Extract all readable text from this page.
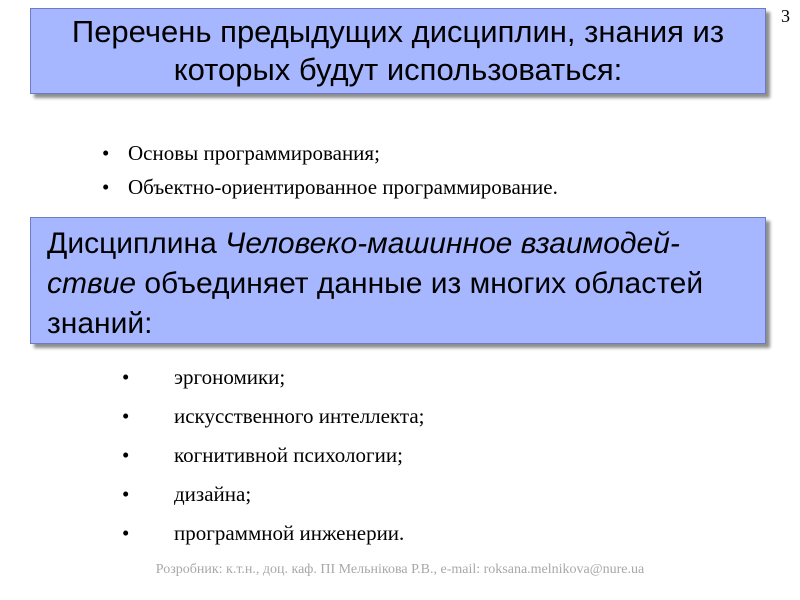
3
Перечень предыдущих дисциплин, знания из
которых будут использоваться:
• Основы программирования;
• Объектно-ориентированное программирование.
Дисциплина Человеко-машинное взаимодей-
ствие объединяет данные из многих областей
знаний:
• эргономики;
• искусственного интеллекта;
• когнитивной психологии;
• дизайна;
• программной инженерии.
Розробник: к.т.н., доц. каф. ПІ Мельнікова Р.В., e-mail: roksana.melnikova@nure.ua
